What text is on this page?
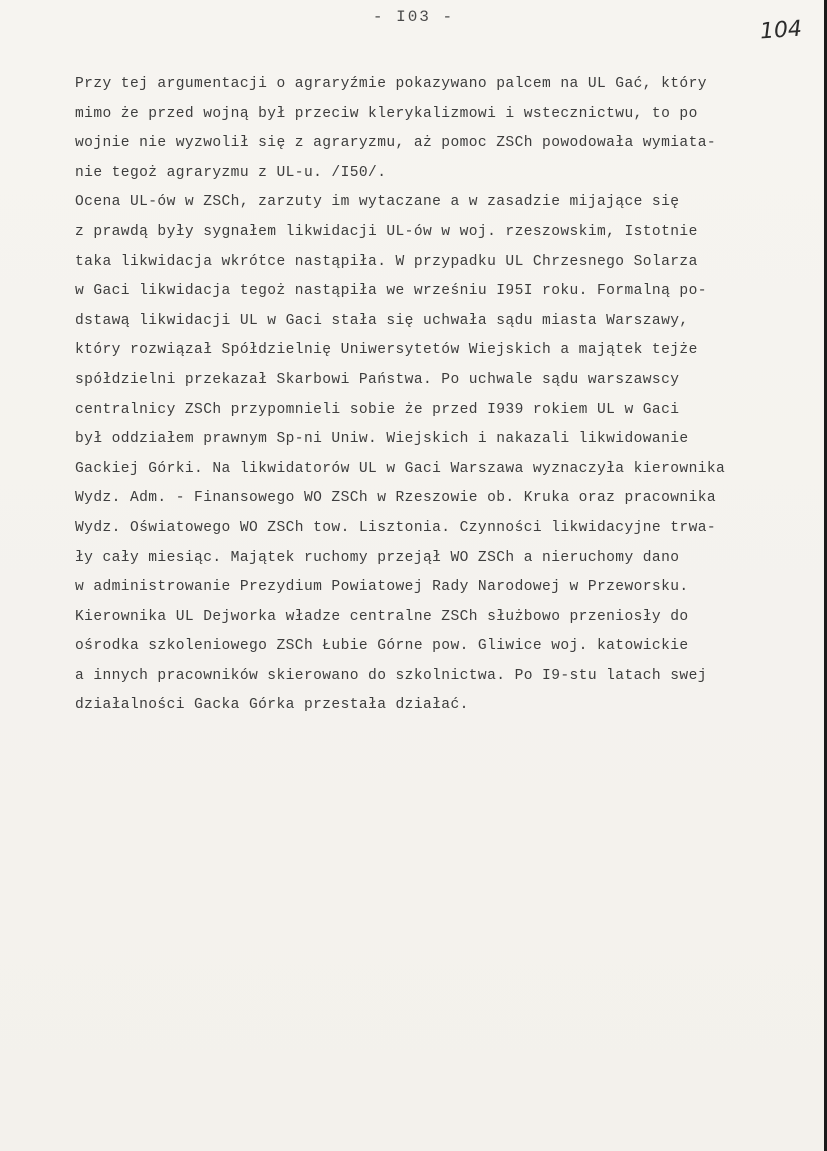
- I03 -	104
Przy tej argumentacji o agraryźmie pokazywano palcem na UL Gać, który
mimo że przed wojną był przeciw klerykalizmowi i wstecznictwu, to po
wojnie nie wyzwolił się z agraryzmu, aż pomoc ZSCh powodowała wymiata-
nie tegoż agraryzmu z UL-u. /I50/.
Ocena UL-ów w ZSCh, zarzuty im wytaczane a w zasadzie mijające się
z prawdą były sygnałem likwidacji UL-ów w woj. rzeszowskim, Istotnie
taka likwidacja wkrótce nastąpiła. W przypadku UL Chrzesnego Solarza
w Gaci likwidacja tegoż nastąpiła we wrześniu I95I roku. Formalną po-
dstawą likwidacji UL w Gaci stała się uchwała sądu miasta Warszawy,
który rozwiązał Spółdzielnię Uniwersytetów Wiejskich a majątek tejże
spółdzielni przekazał Skarbowi Państwa. Po uchwale sądu warszawscy
centralnicy ZSCh przypomnieli sobie że przed I939 rokiem UL w Gaci
był oddziałem prawnym Sp-ni Uniw. Wiejskich i nakazali likwidowanie
Gackiej Górki. Na likwidatorów UL w Gaci Warszawa wyznaczyła kierownika
Wydz. Adm. - Finansowego WO ZSCh w Rzeszowie ob. Kruka oraz pracownika
Wydz. Oświatowego WO ZSCh tow. Lisztonia. Czynności likwidacyjne trwa-
ły cały miesiąc. Majątek ruchomy przejął WO ZSCh a nieruchomy dano
w administrowanie Prezydium Powiatowej Rady Narodowej w Przeworsku.
Kierownika UL Dejworka władze centralne ZSCh służbowo przeniosły do
ośrodka szkoleniowego ZSCh Łubie Górne pow. Gliwice woj. katowickie
a innych pracowników skierowano do szkolnictwa. Po I9-stu latach swej
działalności Gacka Górka przestała działać.
